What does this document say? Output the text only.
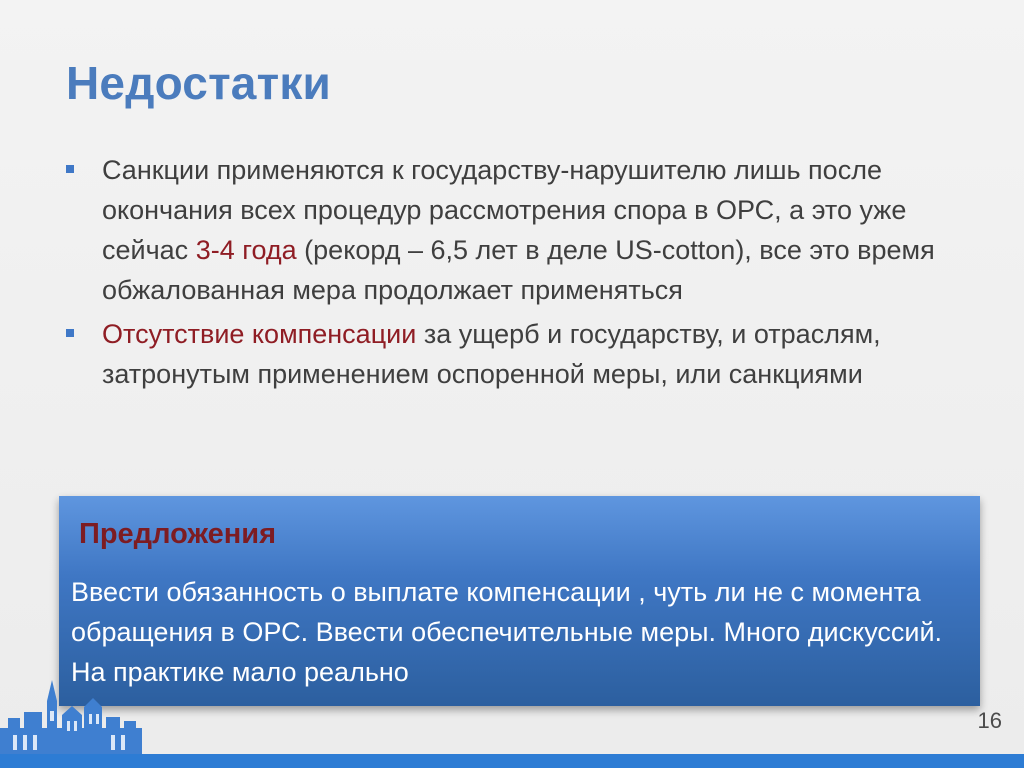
Недостатки
Санкции применяются к государству-нарушителю лишь после окончания всех процедур рассмотрения спора в ОРС, а это уже сейчас 3-4 года (рекорд – 6,5 лет в деле US-cotton), все это время обжалованная мера продолжает применяться
Отсутствие компенсации за ущерб и государству, и отраслям, затронутым применением оспоренной меры, или санкциями
Предложения

Ввести обязанность о выплате компенсации , чуть ли не с момента обращения в ОРС. Ввести обеспечительные меры. Много дискуссий. На практике мало реально

16
